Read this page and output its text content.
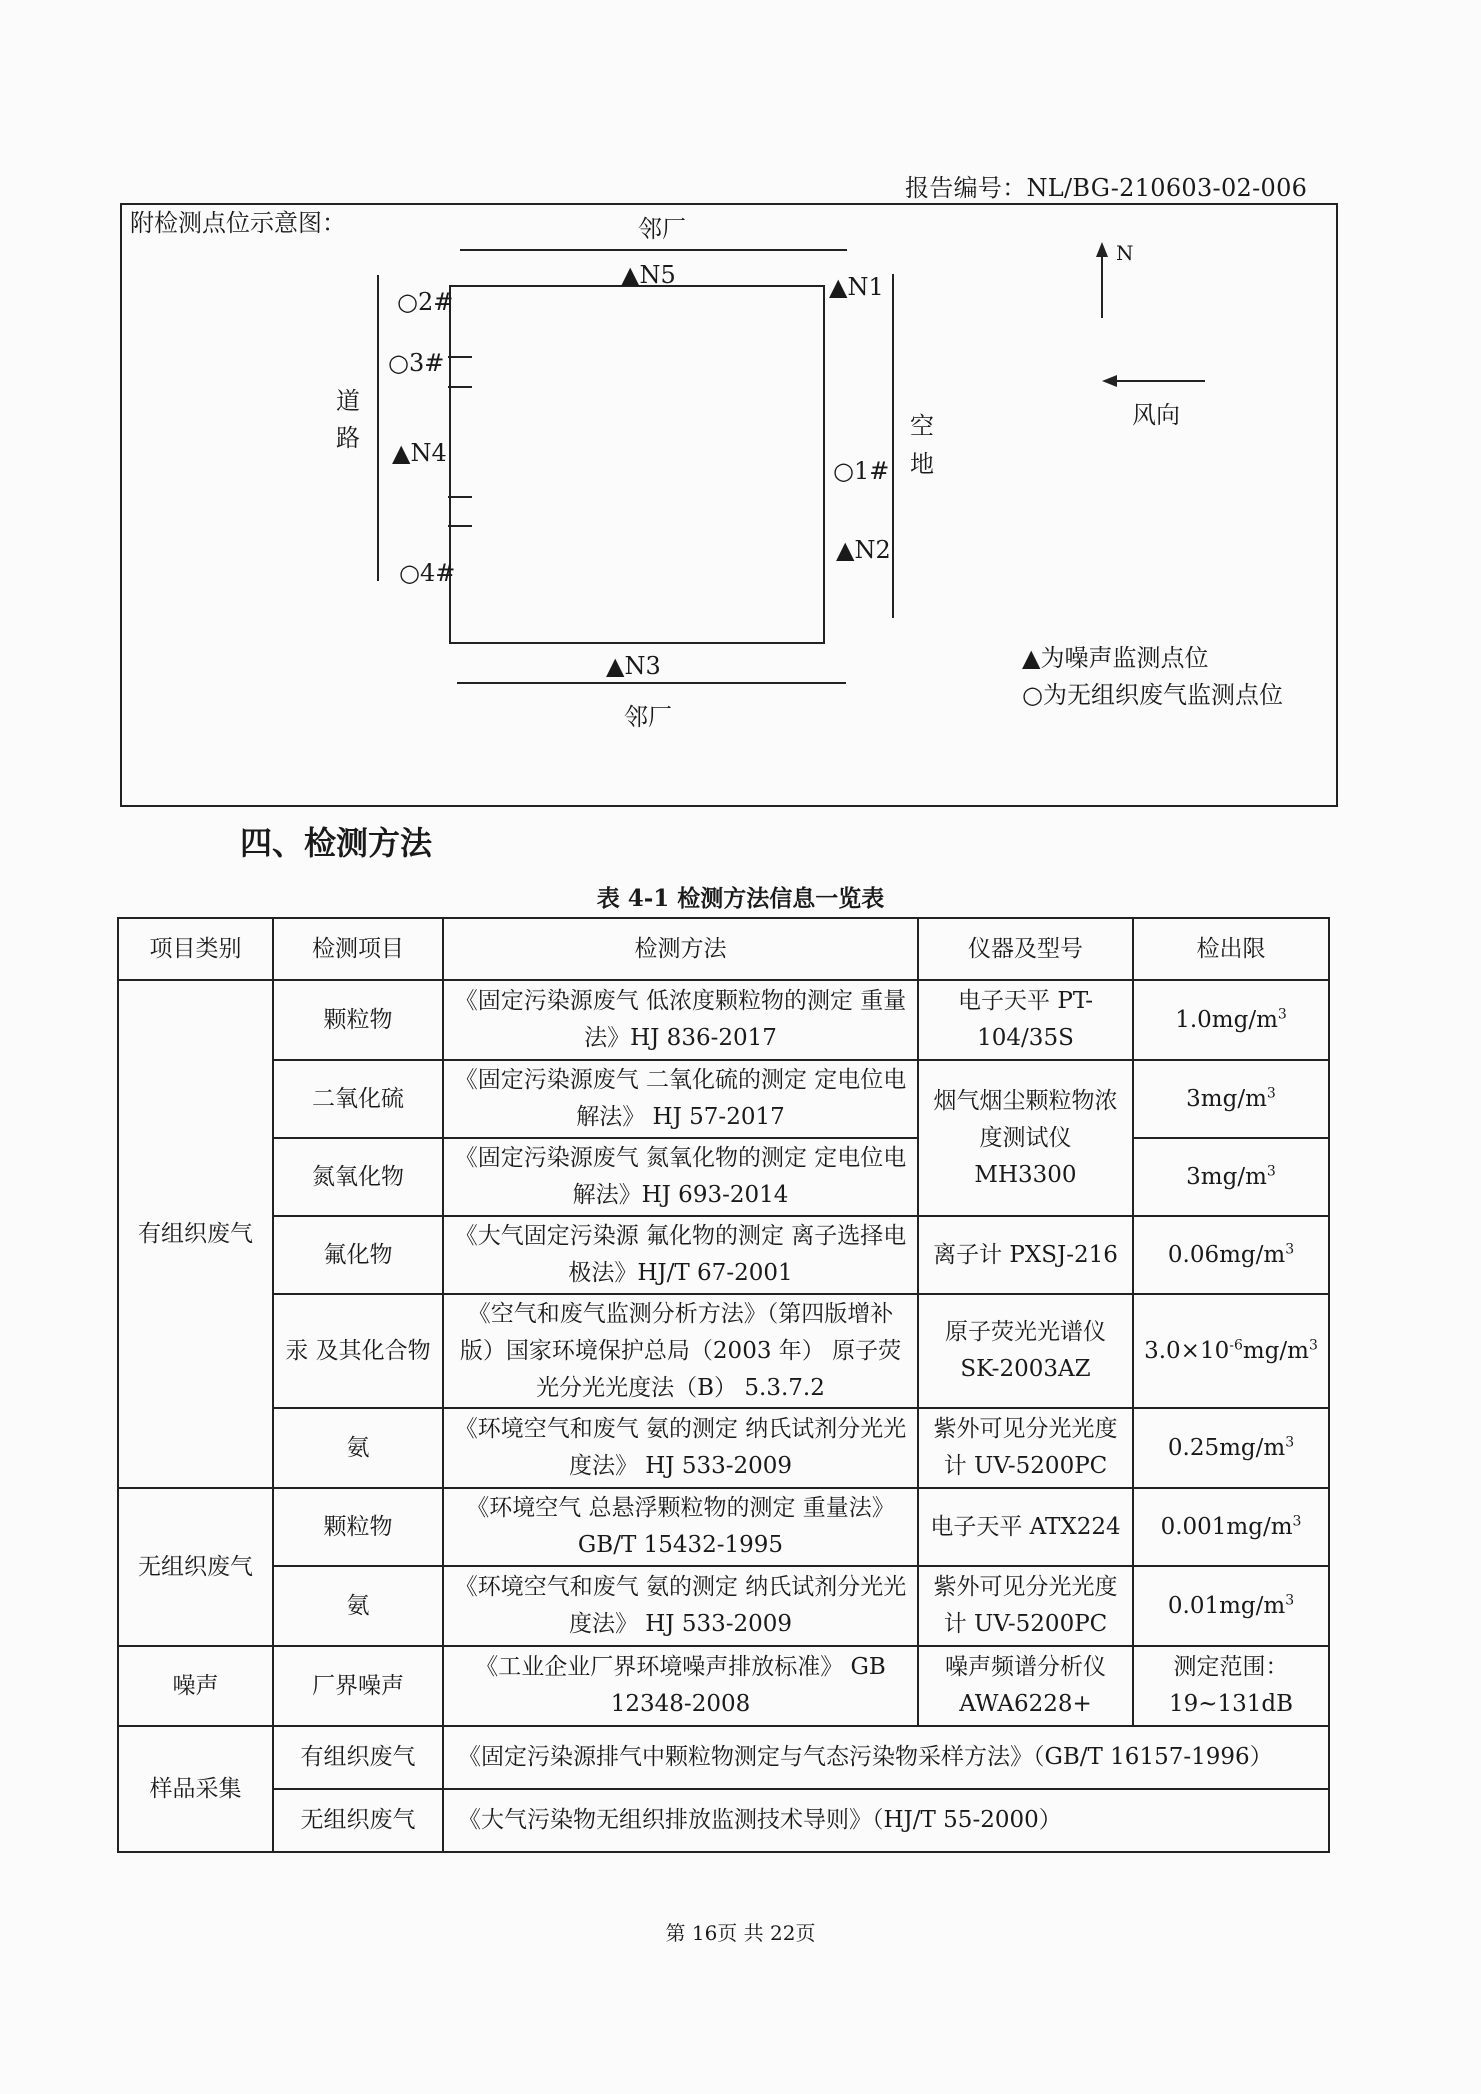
报告编号：NL/BG-210603-02-006
附检测点位示意图：	邻厂
邻厂
道
路	空
地
N
风向
▲N1
▲N2
▲N3
▲N4
▲N5
○1#
○2#
○3#
○4#
▲为噪声监测点位
○为无组织废气监测点位
四、检测方法
表 4-1 检测方法信息一览表
项目类别	检测项目	检测方法	仪器及型号	检出限
有组织废气	颗粒物	《固定污染源废气 低浓度颗粒物的测定 重量法》HJ 836-2017	电子天平 PT-104/35S	$1.0mg/m^3$
	二氧化硫	《固定污染源废气 二氧化硫的测定 定电位电解法》 HJ 57-2017	烟气烟尘颗粒物浓度测试仪 MH3300	$3mg/m^3$
	氮氧化物	《固定污染源废气 氮氧化物的测定 定电位电解法》HJ 693-2014		$3mg/m^3$
	氟化物	《大气固定污染源 氟化物的测定 离子选择电极法》HJ/T 67-2001	离子计 PXSJ-216	$0.06mg/m^3$
	汞 及其化合物	《空气和废气监测分析方法》（第四版增补版）国家环境保护总局（2003 年） 原子荧光分光光度法（B） 5.3.7.2	原子荧光光谱仪 SK-2003AZ	$3.0\times 10^{-6}mg/m^3$
	氨	《环境空气和废气 氨的测定 纳氏试剂分光光度法》 HJ 533-2009	紫外可见分光光度计 UV-5200PC	$0.25mg/m^3$
无组织废气	颗粒物	《环境空气 总悬浮颗粒物的测定 重量法》GB/T 15432-1995	电子天平 ATX224	$0.001mg/m^3$
	氨	《环境空气和废气 氨的测定 纳氏试剂分光光度法》 HJ 533-2009	紫外可见分光光度计 UV-5200PC	$0.01mg/m^3$
噪声	厂界噪声	《工业企业厂界环境噪声排放标准》 GB 12348-2008	噪声频谱分析仪 AWA6228+	测定范围： 19~131dB
样品采集	有组织废气	《固定污染源排气中颗粒物测定与气态污染物采样方法》（GB/T 16157-1996）		
	无组织废气	《大气污染物无组织排放监测技术导则》（HJ/T 55-2000）		
第 16页 共 22页
